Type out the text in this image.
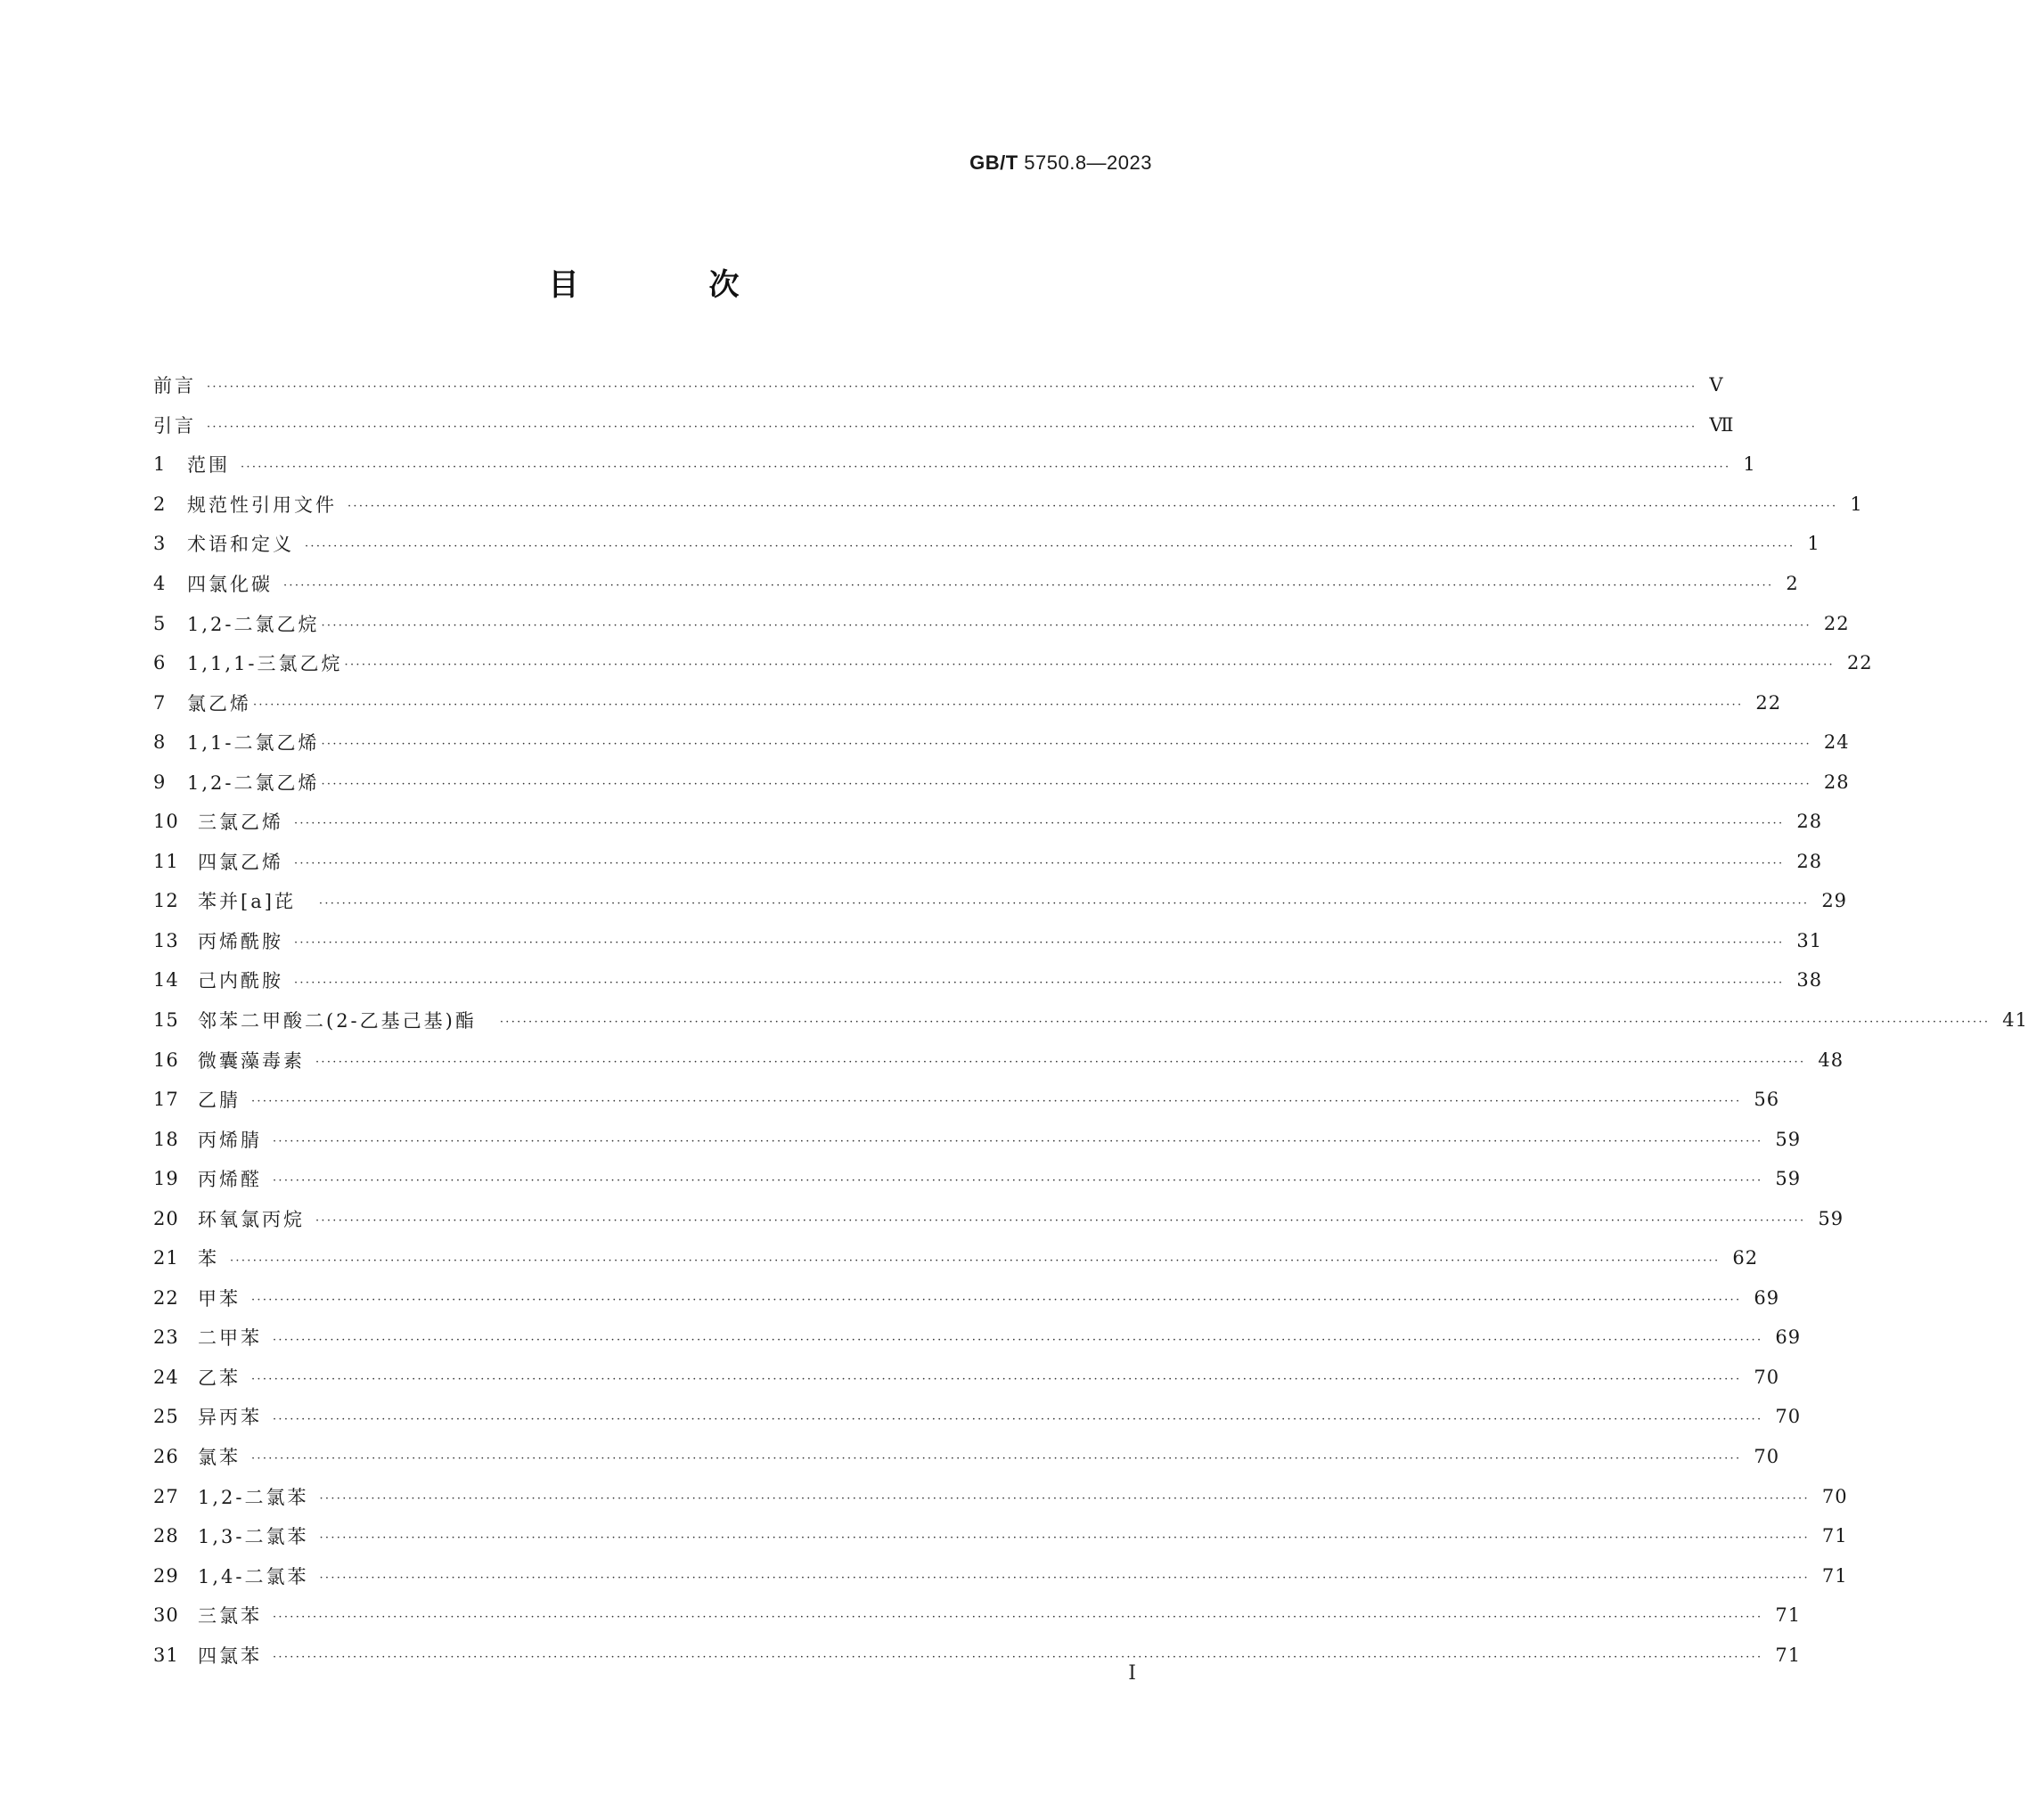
GB/T 5750.8—2023
目　次
前言 ···································································································································································································································································· Ⅴ
引言 ···································································································································································································································································· Ⅶ
1	范围 ···································································································································································································································································· 1
2	规范性引用文件 ···································································································································································································································································· 1
3	术语和定义 ···································································································································································································································································· 1
4	四氯化碳 ···································································································································································································································································· 2
5	1,2-二氯乙烷 ···································································································································································································································································· 22
6	1,1,1-三氯乙烷 ···································································································································································································································································· 22
7	氯乙烯 ···································································································································································································································································· 22
8	1,1-二氯乙烯 ···································································································································································································································································· 24
9	1,2-二氯乙烯 ···································································································································································································································································· 28
10	三氯乙烯 ···································································································································································································································································· 28
11	四氯乙烯 ···································································································································································································································································· 28
12	苯并[a]芘 ···································································································································································································································································· 29
13	丙烯酰胺 ···································································································································································································································································· 31
14	己内酰胺 ···································································································································································································································································· 38
15	邻苯二甲酸二(2-乙基己基)酯 ···································································································································································································································································· 41
16	微囊藻毒素 ···································································································································································································································································· 48
17	乙腈 ···································································································································································································································································· 56
18	丙烯腈 ···································································································································································································································································· 59
19	丙烯醛 ···································································································································································································································································· 59
20	环氧氯丙烷 ···································································································································································································································································· 59
21	苯 ···································································································································································································································································· 62
22	甲苯 ···································································································································································································································································· 69
23	二甲苯 ···································································································································································································································································· 69
24	乙苯 ···································································································································································································································································· 70
25	异丙苯 ···································································································································································································································································· 70
26	氯苯 ···································································································································································································································································· 70
27	1,2-二氯苯 ···································································································································································································································································· 70
28	1,3-二氯苯 ···································································································································································································································································· 71
29	1,4-二氯苯 ···································································································································································································································································· 71
30	三氯苯 ···································································································································································································································································· 71
31	四氯苯 ···································································································································································································································································· 71
Ⅰ
